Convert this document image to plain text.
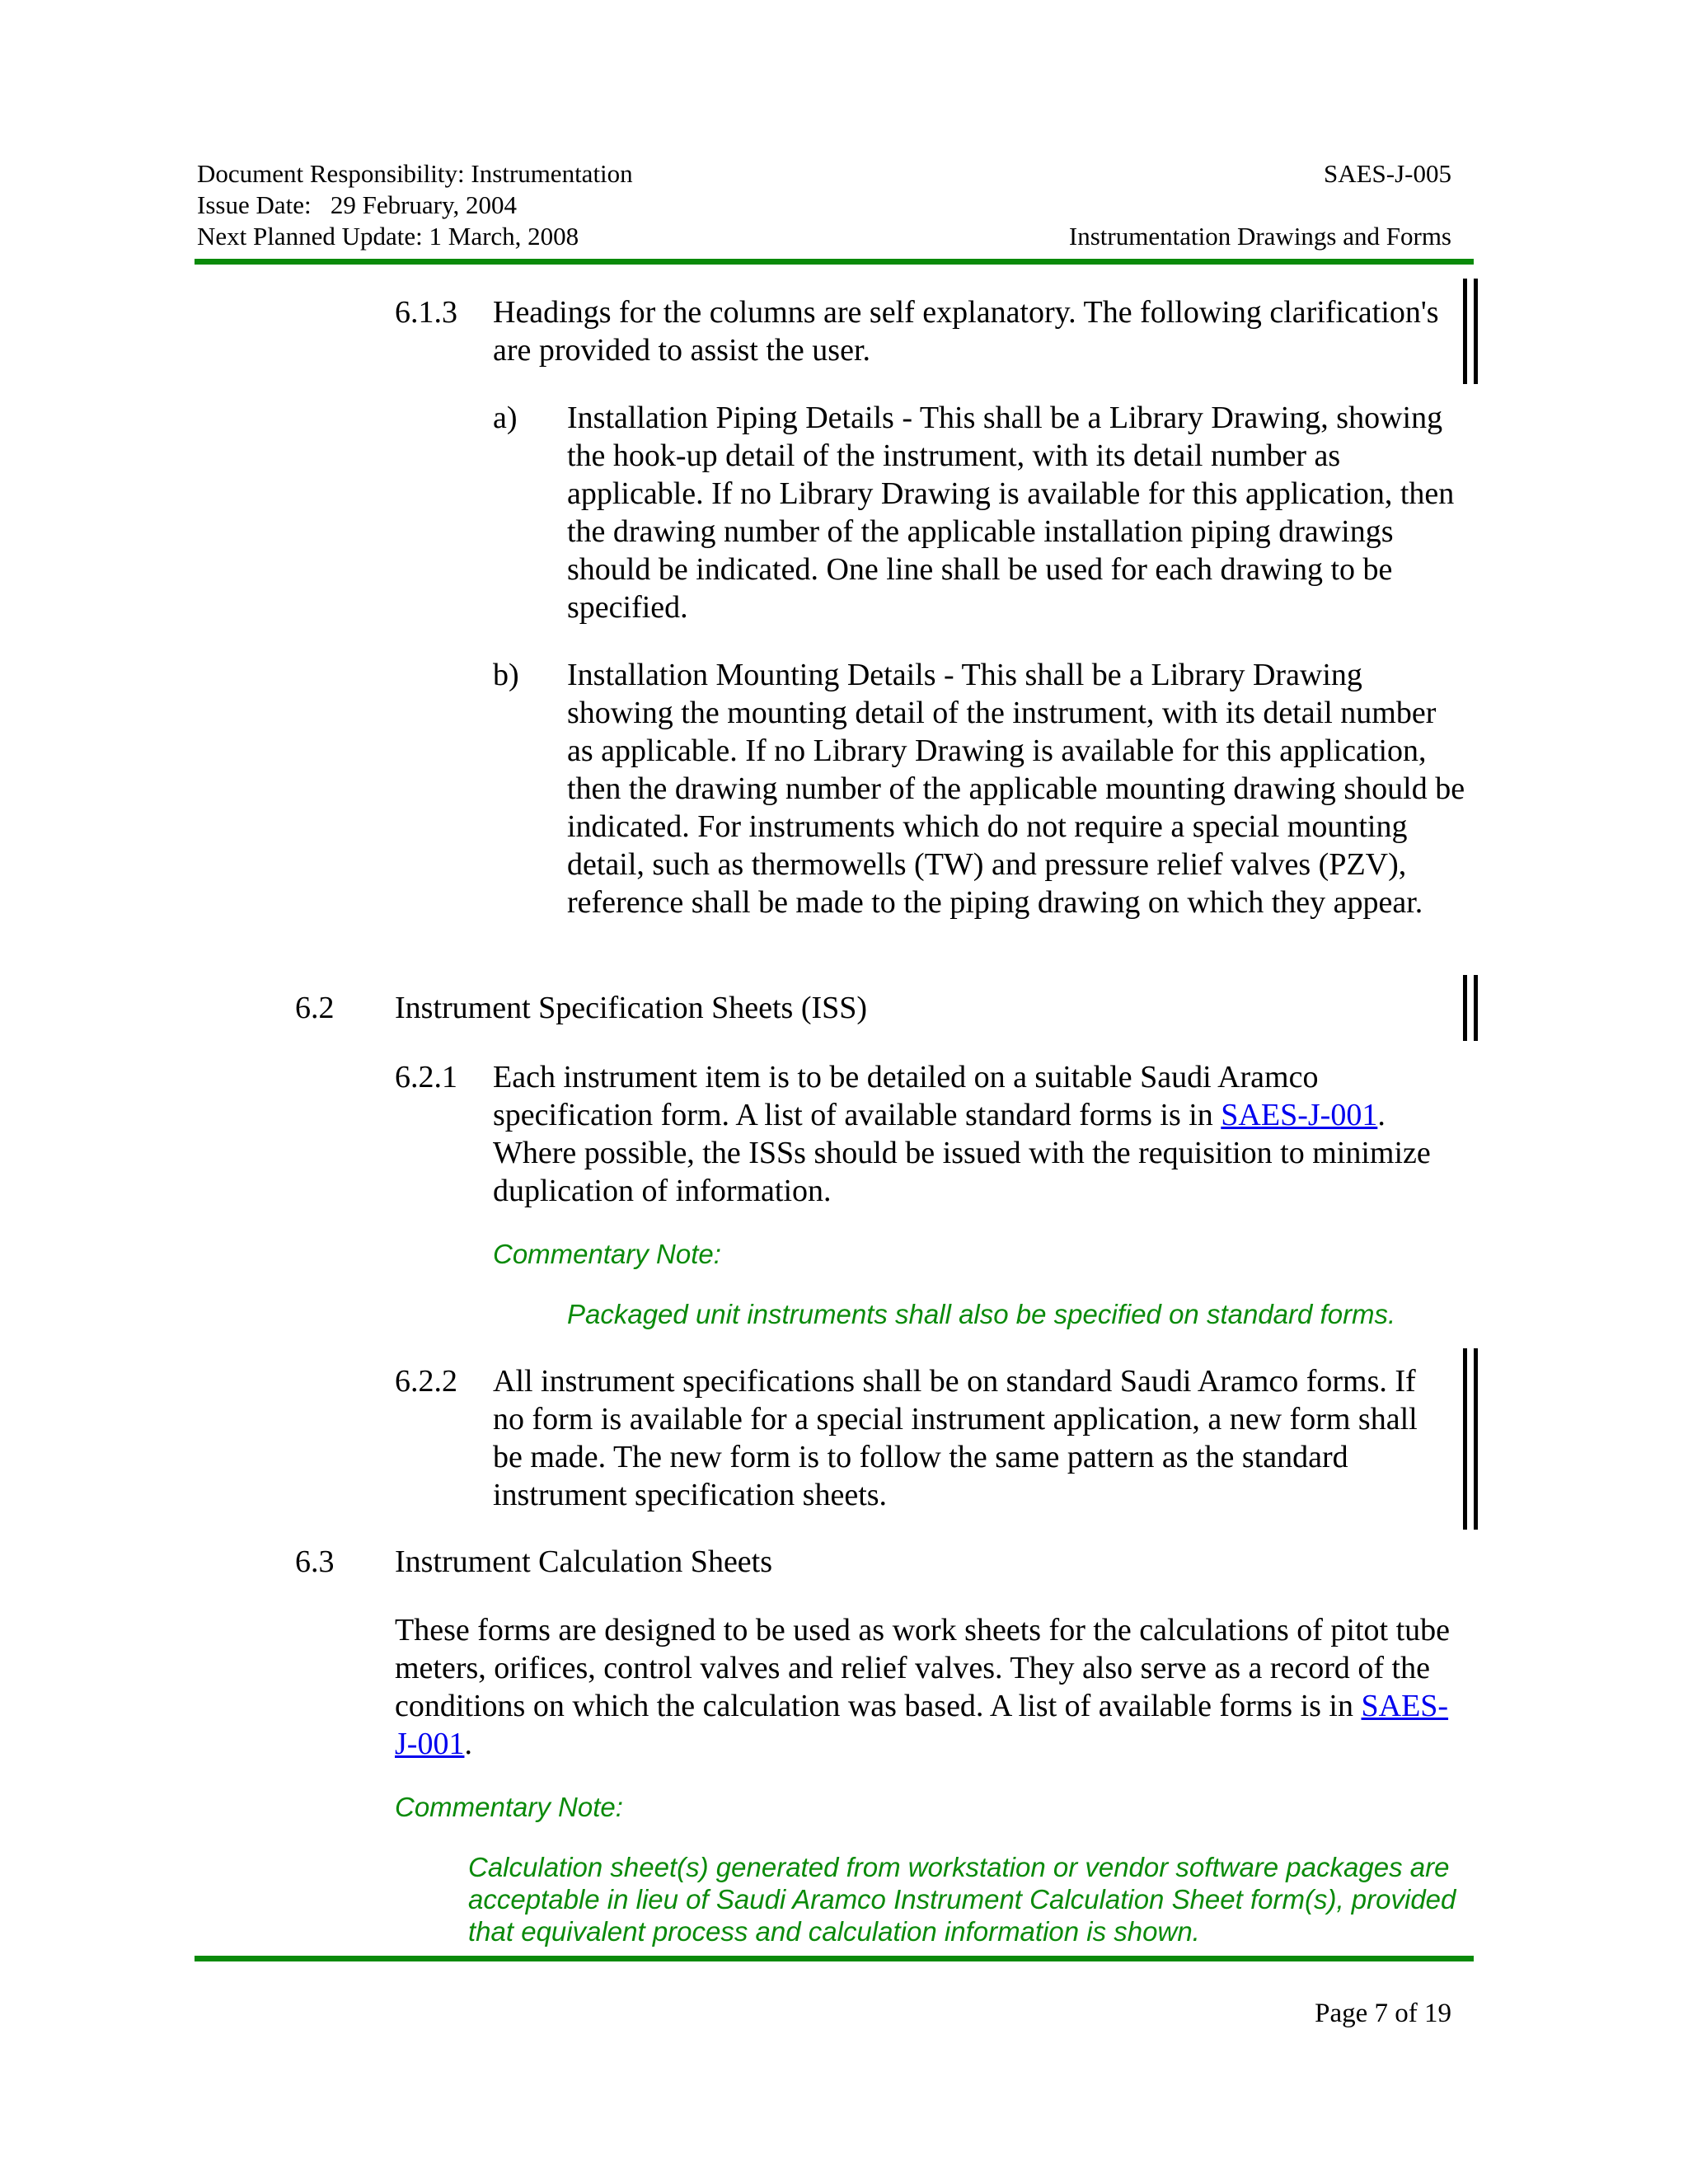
Document Responsibility: Instrumentation
Issue Date:   29 February, 2004
Next Planned Update: 1 March, 2008
SAES-J-005
Instrumentation Drawings and Forms
6.1.3 Headings for the columns are self explanatory. The following clarification's are provided to assist the user.
a) Installation Piping Details - This shall be a Library Drawing, showing the hook-up detail of the instrument, with its detail number as applicable. If no Library Drawing is available for this application, then the drawing number of the applicable installation piping drawings should be indicated. One line shall be used for each drawing to be specified.
b) Installation Mounting Details - This shall be a Library Drawing showing the mounting detail of the instrument, with its detail number as applicable. If no Library Drawing is available for this application, then the drawing number of the applicable mounting drawing should be indicated. For instruments which do not require a special mounting detail, such as thermowells (TW) and pressure relief valves (PZV), reference shall be made to the piping drawing on which they appear.
6.2 Instrument Specification Sheets (ISS)
6.2.1 Each instrument item is to be detailed on a suitable Saudi Aramco specification form. A list of available standard forms is in SAES-J-001. Where possible, the ISSs should be issued with the requisition to minimize duplication of information.
Commentary Note:
Packaged unit instruments shall also be specified on standard forms.
6.2.2 All instrument specifications shall be on standard Saudi Aramco forms. If no form is available for a special instrument application, a new form shall be made. The new form is to follow the same pattern as the standard instrument specification sheets.
6.3 Instrument Calculation Sheets
These forms are designed to be used as work sheets for the calculations of pitot tube meters, orifices, control valves and relief valves. They also serve as a record of the conditions on which the calculation was based. A list of available forms is in SAES-J-001.
Commentary Note:
Calculation sheet(s) generated from workstation or vendor software packages are acceptable in lieu of Saudi Aramco Instrument Calculation Sheet form(s), provided that equivalent process and calculation information is shown.
Page 7 of 19
